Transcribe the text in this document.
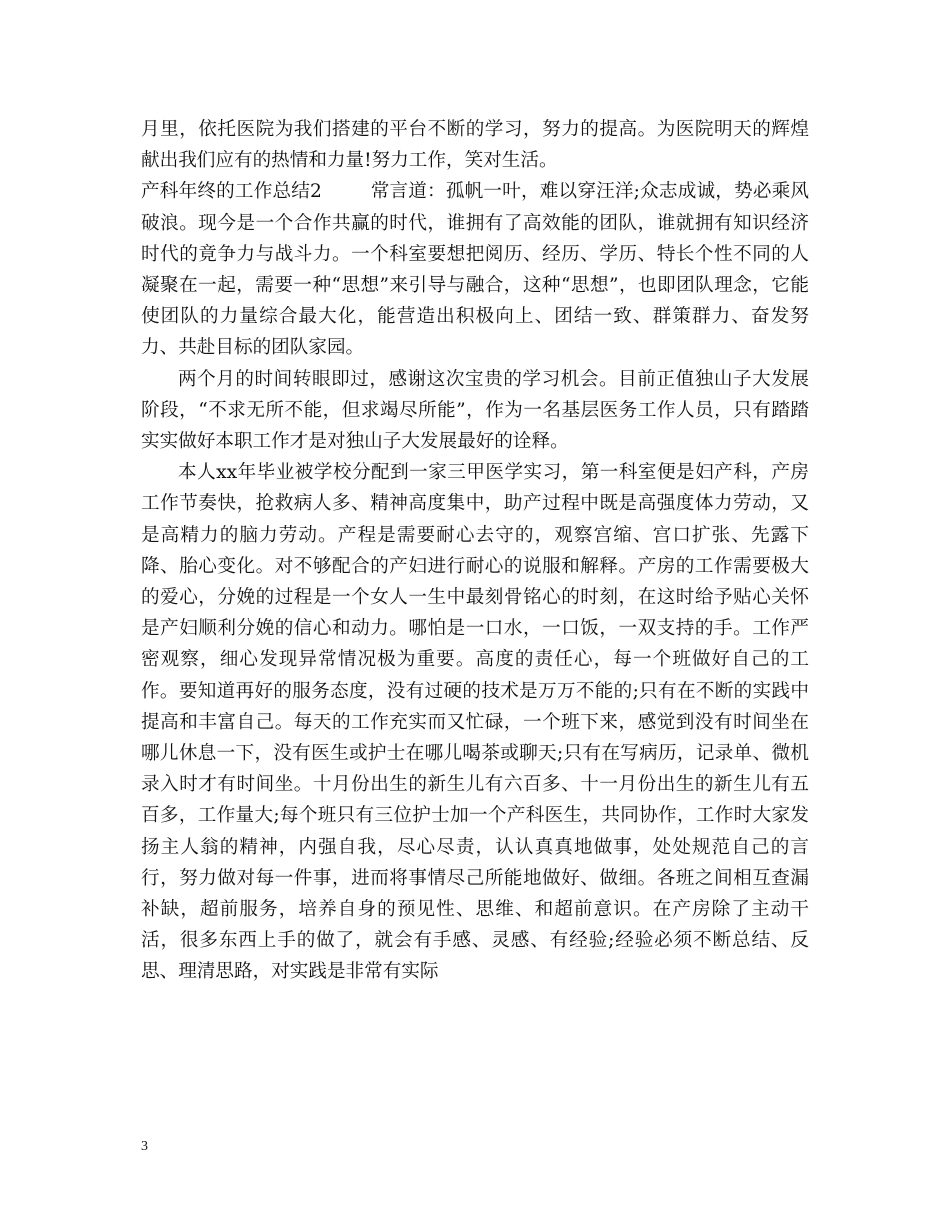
月里，依托医院为我们搭建的平台不断的学习，努力的提高。为医院明天的辉煌献出我们应有的热情和力量!努力工作，笑对生活。

产科年终的工作总结2	常言道：孤帆一叶，难以穿汪洋;众志成诚，势必乘风破浪。现今是一个合作共赢的时代，谁拥有了高效能的团队，谁就拥有知识经济时代的竟争力与战斗力。一个科室要想把阅历、经历、学历、特长个性不同的人凝聚在一起，需要一种“思想”来引导与融合，这种“思想”，也即团队理念，它能使团队的力量综合最大化，能营造出积极向上、团结一致、群策群力、奋发努力、共赴目标的团队家园。

两个月的时间转眼即过，感谢这次宝贵的学习机会。目前正值独山子大发展阶段，“不求无所不能，但求竭尽所能”，作为一名基层医务工作人员，只有踏踏实实做好本职工作才是对独山子大发展最好的诠释。

本人xx年毕业被学校分配到一家三甲医学实习，第一科室便是妇产科，产房工作节奏快，抢救病人多、精神高度集中，助产过程中既是高强度体力劳动，又是高精力的脑力劳动。产程是需要耐心去守的，观察宫缩、宫口扩张、先露下降、胎心变化。对不够配合的产妇进行耐心的说服和解释。产房的工作需要极大的爱心，分娩的过程是一个女人一生中最刻骨铭心的时刻，在这时给予贴心关怀是产妇顺利分娩的信心和动力。哪怕是一口水，一口饭，一双支持的手。工作严密观察，细心发现异常情况极为重要。高度的责任心，每一个班做好自己的工作。要知道再好的服务态度，没有过硬的技术是万万不能的;只有在不断的实践中提高和丰富自己。每天的工作充实而又忙碌，一个班下来，感觉到没有时间坐在哪儿休息一下，没有医生或护士在哪儿喝茶或聊天;只有在写病历，记录单、微机录入时才有时间坐。十月份出生的新生儿有六百多、十一月份出生的新生儿有五百多，工作量大;每个班只有三位护士加一个产科医生，共同协作，工作时大家发扬主人翁的精神，内强自我，尽心尽责，认认真真地做事，处处规范自己的言行，努力做对每一件事，进而将事情尽己所能地做好、做细。各班之间相互查漏补缺，超前服务，培养自身的预见性、思维、和超前意识。在产房除了主动干活，很多东西上手的做了，就会有手感、灵感、有经验;经验必须不断总结、反思、理清思路，对实践是非常有实际

3
